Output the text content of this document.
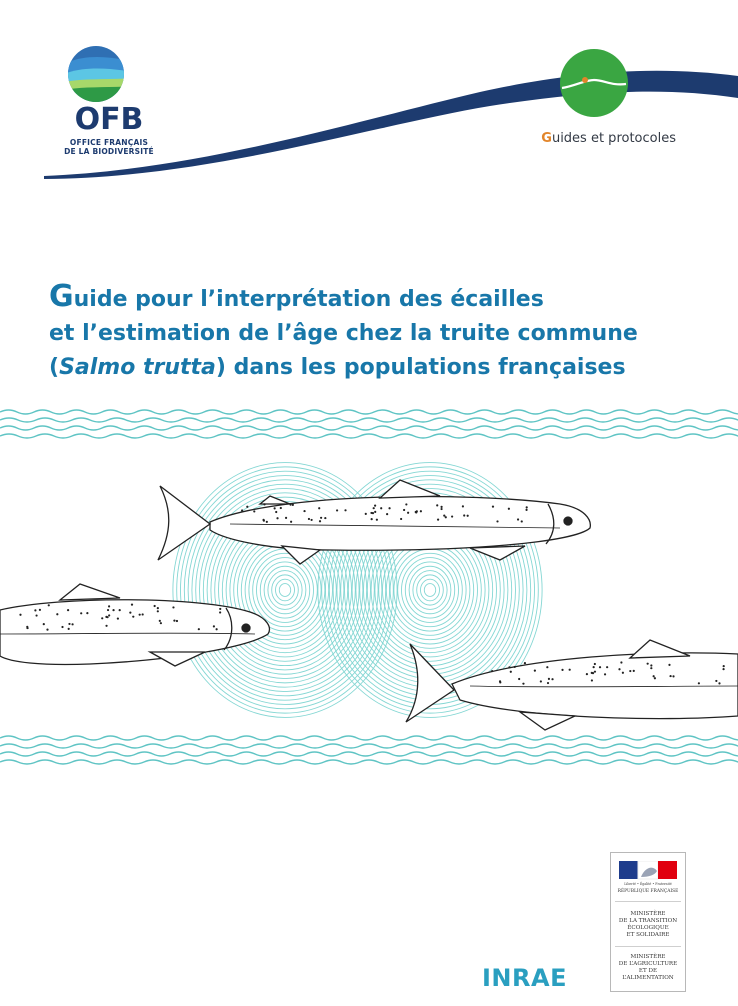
OFB
OFFICE FRANÇAIS
DE LA BIODIVERSITÉ
Guides et protocoles
Guide pour l’interprétation des écailles
et l’estimation de l’âge chez la truite commune
(Salmo trutta) dans les populations françaises
Liberté • Égalité • Fraternité
RÉPUBLIQUE FRANÇAISE
MINISTÈRE
DE LA TRANSITION
ÉCOLOGIQUE
ET SOLIDAIRE
MINISTÈRE
DE L’AGRICULTURE
ET DE
L’ALIMENTATION
INRAE
